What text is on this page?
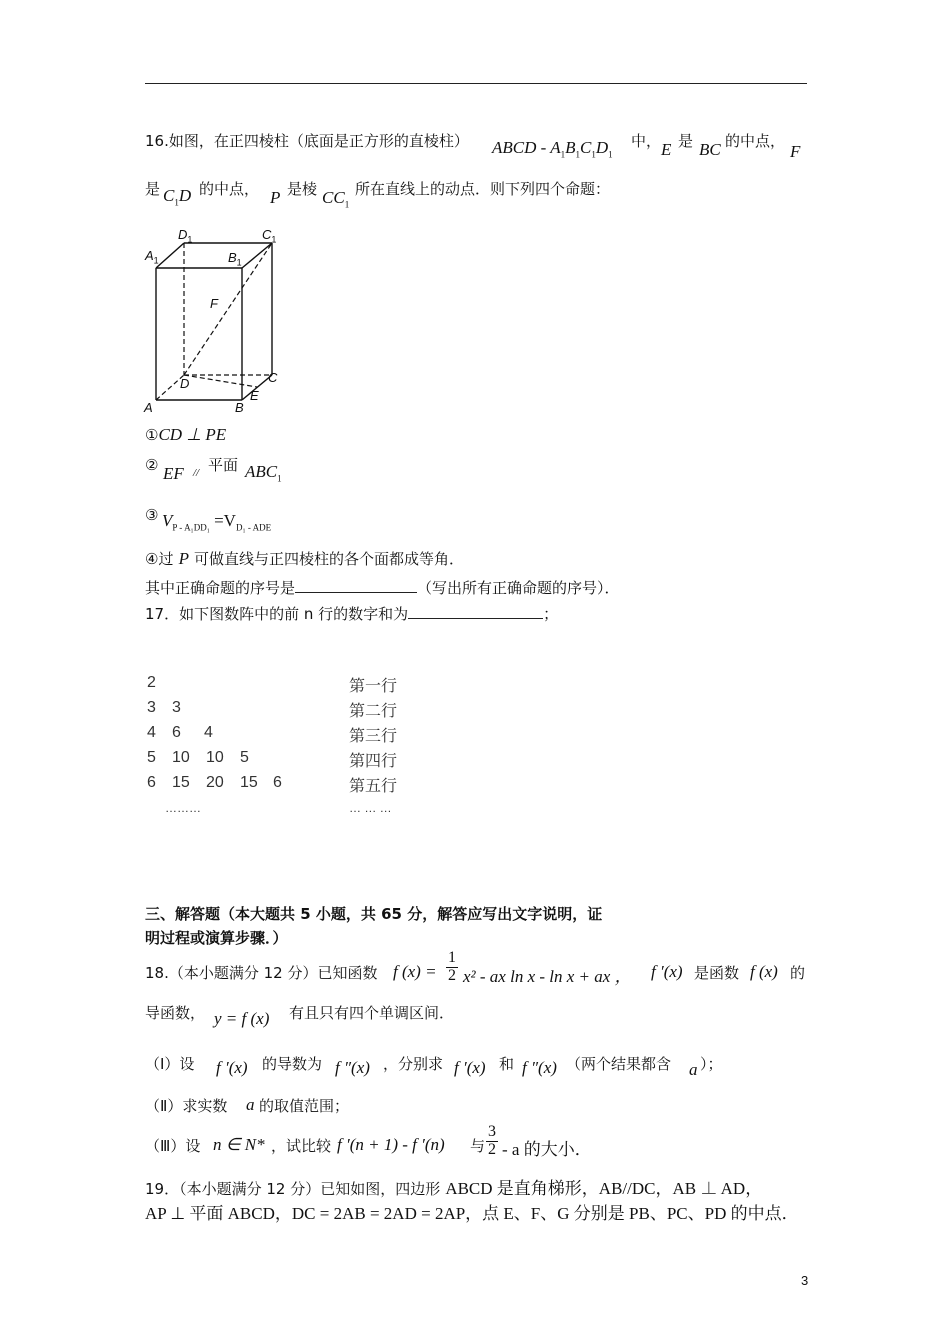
16.如图，在正四棱柱（底面是正方形的直棱柱） ABCD - $A_1B_1C_1D_1$
中， E 是 BC 的中点，
F
是 $C_1D$ 的中点， P 是棱 $CC_1$
所在直线上的动点．则下列四个命题：
$D_1$	$C_1$
$A_1$	$B_1$
F
D	C
E
A	B
①CD ⊥ PE
② EF // 平面 $ABC_1$
③ $V_{P - A_1DD_1} =V_{D_1 - ADE}$
④过 P 可做直线与正四棱柱的各个面都成等角．
其中正确命题的序号是	（写出所有正确命题的序号）．
17．如下图数阵中的前 n 行的数字和为	；
2	第一行
3 3	第二行
4 6 4	第三行
5 10 10 5	第四行
6 15 20 15 6	第五行
………	… … …
三、解答题（本大题共 5 小题，共 65 分，解答应写出文字说明，证
明过程或演算步骤．）
18.（本小题满分 12 分）已知函数 f $(x) = \frac{1}{2} x^2$ - ax ln x - ln x + ax ， f ′(x) 是函数 f (x) 的
导函数， y = f (x) 有且只有四个单调区间．
（Ⅰ）设 f ′(x) 的导数为 f ″(x) ，分别求 f ′(x) 和 f ″(x) （两个结果都含 a ）；
（Ⅱ）求实数 a 的取值范围；
（Ⅲ）设 n ∈ N* ，试比较 f ′(n + 1) - f ′(n) 与 $\frac{3}{2}$ - a 的大小．
19．（本小题满分 12 分）已知如图，四边形 ABCD 是直角梯形，AB//DC，AB ⊥ AD，
AP ⊥ 平面 ABCD，DC = 2AB = 2AD = 2AP，点 E、F、G 分别是 PB、PC、PD 的中点．
3
